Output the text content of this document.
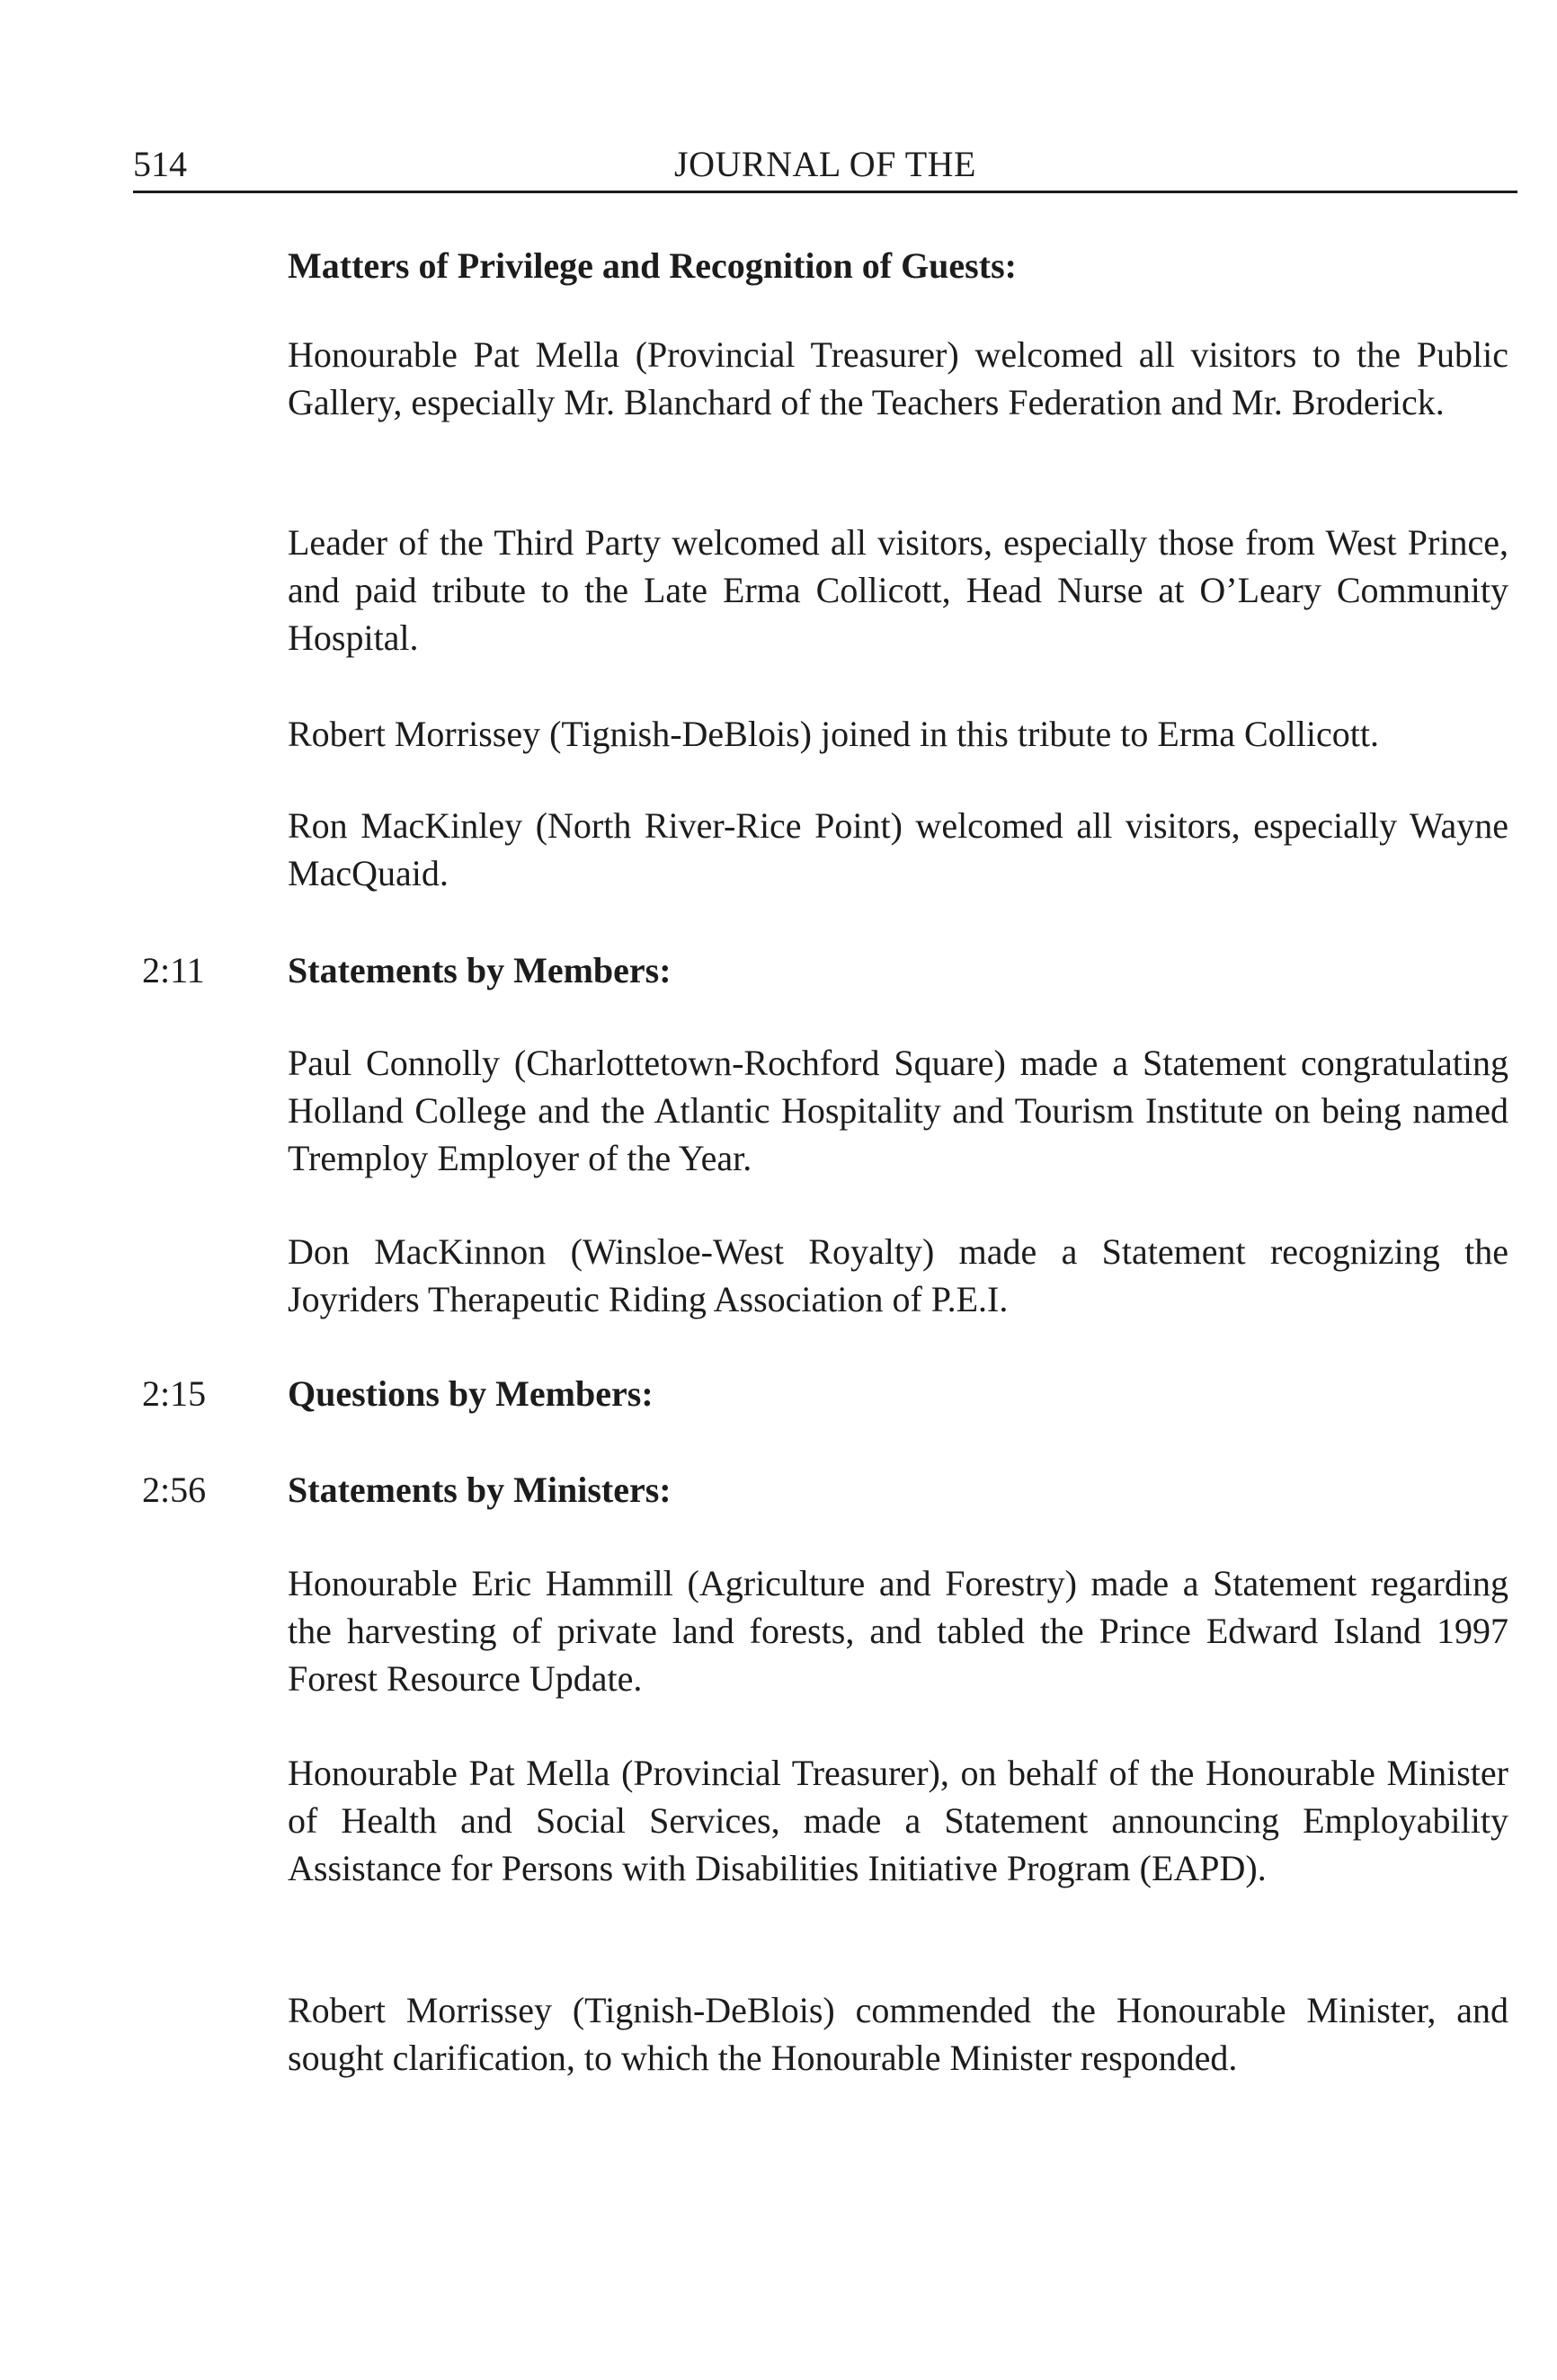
514	JOURNAL OF THE
Matters of Privilege and Recognition of Guests:

Honourable Pat Mella (Provincial Treasurer) welcomed all visitors to the Public Gallery, especially Mr. Blanchard of the Teachers Federation and Mr. Broderick.

Leader of the Third Party welcomed all visitors, especially those from West Prince, and paid tribute to the Late Erma Collicott, Head Nurse at O’Leary Community Hospital.

Robert Morrissey (Tignish-DeBlois) joined in this tribute to Erma Collicott.

Ron MacKinley (North River-Rice Point) welcomed all visitors, especially Wayne MacQuaid.

2:11 Statements by Members:

Paul Connolly (Charlottetown-Rochford Square) made a Statement congratulating Holland College and the Atlantic Hospitality and Tourism Institute on being named Tremploy Employer of the Year.

Don MacKinnon (Winsloe-West Royalty) made a Statement recognizing the Joyriders Therapeutic Riding Association of P.E.I.

2:15 Questions by Members:
2:56 Statements by Ministers:

Honourable Eric Hammill (Agriculture and Forestry) made a Statement regarding the harvesting of private land forests, and tabled the Prince Edward Island 1997 Forest Resource Update.

Honourable Pat Mella (Provincial Treasurer), on behalf of the Honourable Minister of Health and Social Services, made a Statement announcing Employability Assistance for Persons with Disabilities Initiative Program (EAPD).

Robert Morrissey (Tignish-DeBlois) commended the Honourable Minister, and sought clarification, to which the Honourable Minister responded.
